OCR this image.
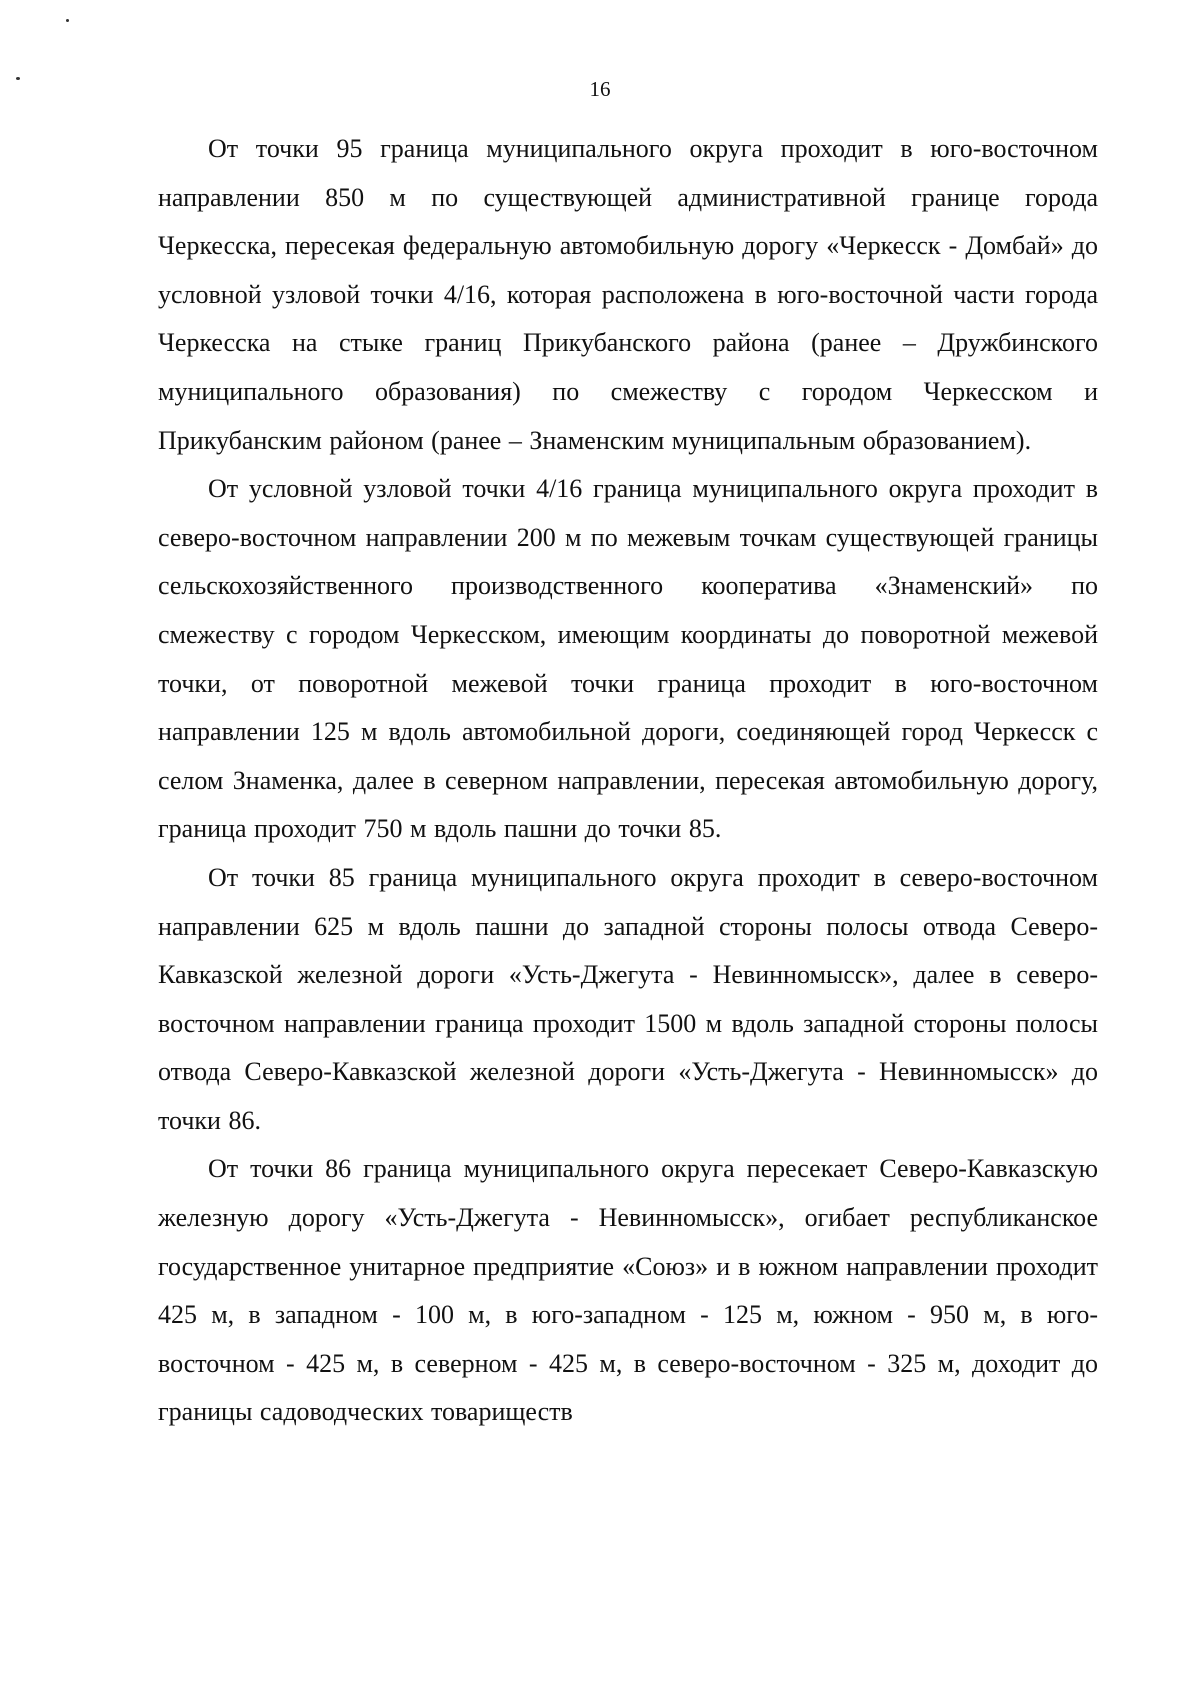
16

От точки 95 граница муниципального округа проходит в юго-восточном направлении 850 м по существующей административной границе города Черкесска, пересекая федеральную автомобильную дорогу «Черкесск - Домбай» до условной узловой точки 4/16, которая расположена в юго-восточной части города Черкесска на стыке границ Прикубанского района (ранее – Дружбинского муниципального образования) по смежеству с городом Черкесском и Прикубанским районом (ранее – Знаменским муниципальным образованием).

От условной узловой точки 4/16 граница муниципального округа проходит в северо-восточном направлении 200 м по межевым точкам существующей границы сельскохозяйственного производственного кооператива «Знаменский» по смежеству с городом Черкесском, имеющим координаты до поворотной межевой точки, от поворотной межевой точки граница проходит в юго-восточном направлении 125 м вдоль автомобильной дороги, соединяющей город Черкесск с селом Знаменка, далее в северном направлении, пересекая автомобильную дорогу, граница проходит 750 м вдоль пашни до точки 85.

От точки 85 граница муниципального округа проходит в северо-восточном направлении 625 м вдоль пашни до западной стороны полосы отвода Северо-Кавказской железной дороги «Усть-Джегута - Невинномысск», далее в северо-восточном направлении граница проходит 1500 м вдоль западной стороны полосы отвода Северо-Кавказской железной дороги «Усть-Джегута - Невинномысск» до точки 86.

От точки 86 граница муниципального округа пересекает Северо-Кавказскую железную дорогу «Усть-Джегута - Невинномысск», огибает республиканское государственное унитарное предприятие «Союз» и в южном направлении проходит 425 м, в западном - 100 м, в юго-западном - 125 м, южном - 950 м, в юго-восточном - 425 м, в северном - 425 м, в северо-восточном - 325 м, доходит до границы садоводческих товариществ
